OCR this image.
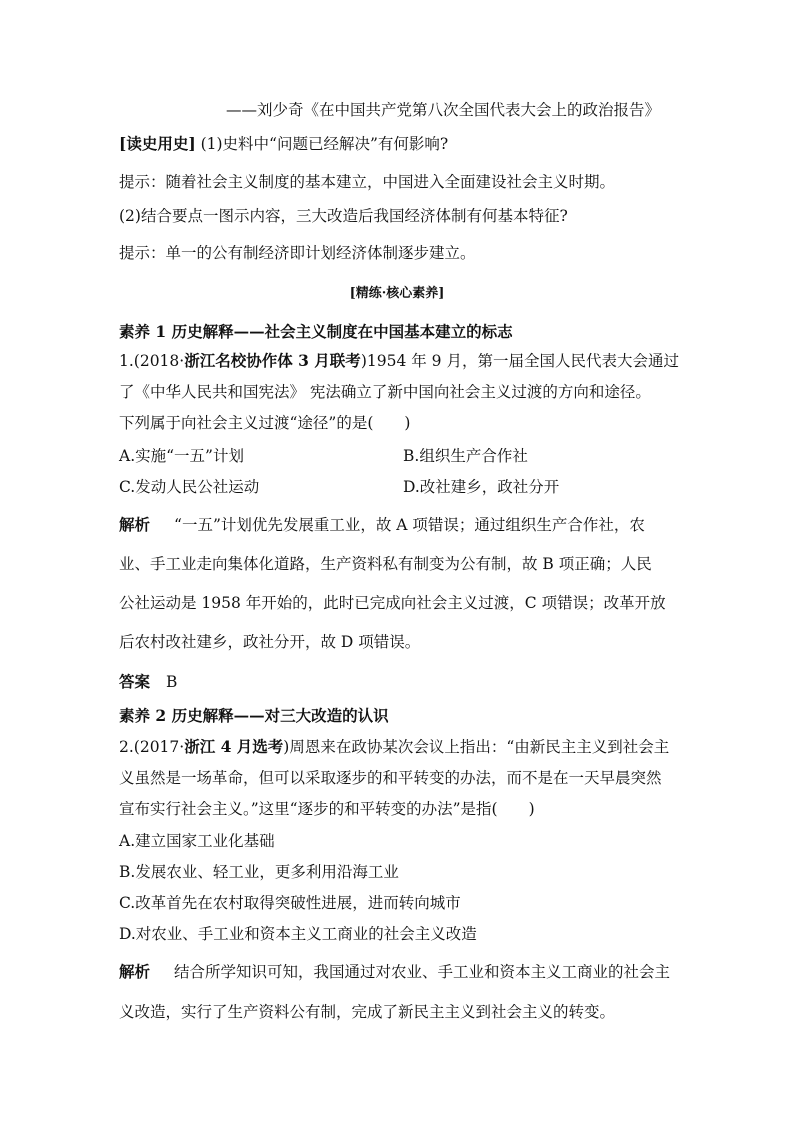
——刘少奇《在中国共产党第八次全国代表大会上的政治报告》
[读史用史] (1)史料中“问题已经解决”有何影响?
提示：随着社会主义制度的基本建立，中国进入全面建设社会主义时期。
(2)结合要点一图示内容，三大改造后我国经济体制有何基本特征?
提示：单一的公有制经济即计划经济体制逐步建立。
[精练·核心素养]
素养 1 历史解释——社会主义制度在中国基本建立的标志
1.(2018·浙江名校协作体 3 月联考)1954 年 9 月，第一届全国人民代表大会通过
了《中华人民共和国宪法》 宪法确立了新中国向社会主义过渡的方向和途径。
下列属于向社会主义过渡“途径”的是(　　)
A.实施“一五”计划	B.组织生产合作社
C.发动人民公社运动	D.改社建乡，政社分开
解析 “一五”计划优先发展重工业，故 A 项错误；通过组织生产合作社，农
业、手工业走向集体化道路，生产资料私有制变为公有制，故 B 项正确；人民
公社运动是 1958 年开始的，此时已完成向社会主义过渡，C 项错误；改革开放
后农村改社建乡，政社分开，故 D 项错误。
答案 B
素养 2 历史解释——对三大改造的认识
2.(2017·浙江 4 月选考)周恩来在政协某次会议上指出：“由新民主主义到社会主
义虽然是一场革命，但可以采取逐步的和平转变的办法，而不是在一天早晨突然
宣布实行社会主义。”这里“逐步的和平转变的办法”是指(　　)
A.建立国家工业化基础
B.发展农业、轻工业，更多利用沿海工业
C.改革首先在农村取得突破性进展，进而转向城市
D.对农业、手工业和资本主义工商业的社会主义改造
解析 结合所学知识可知，我国通过对农业、手工业和资本主义工商业的社会主
义改造，实行了生产资料公有制，完成了新民主主义到社会主义的转变。
